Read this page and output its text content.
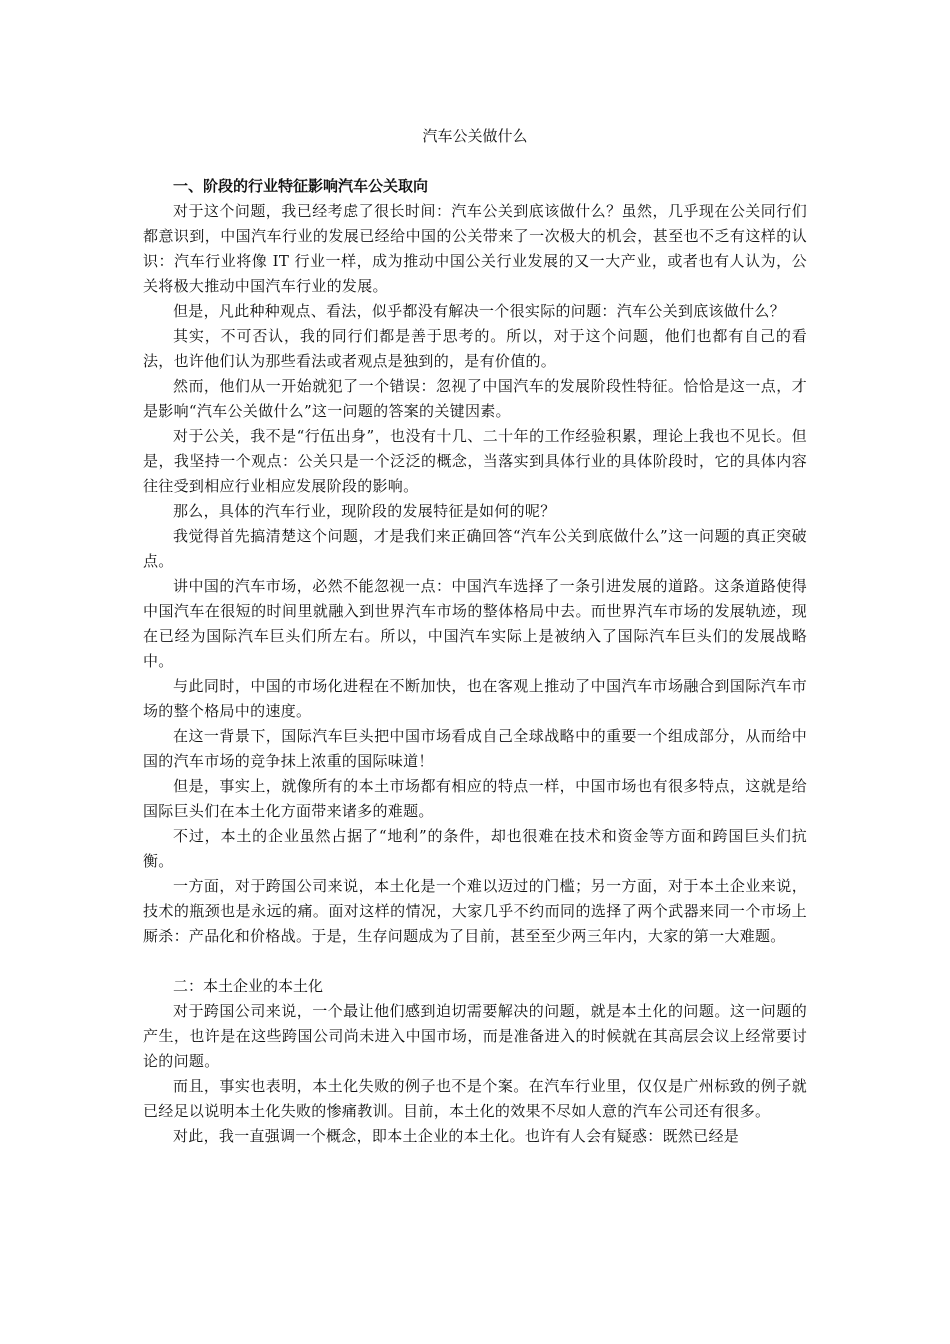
汽车公关做什么

一、阶段的行业特征影响汽车公关取向

对于这个问题，我已经考虑了很长时间：汽车公关到底该做什么？虽然，几乎现在公关同行们都意识到，中国汽车行业的发展已经给中国的公关带来了一次极大的机会，甚至也不乏有这样的认识：汽车行业将像 IT 行业一样，成为推动中国公关行业发展的又一大产业，或者也有人认为，公关将极大推动中国汽车行业的发展。

但是，凡此种种观点、看法，似乎都没有解决一个很实际的问题：汽车公关到底该做什么？

其实，不可否认，我的同行们都是善于思考的。所以，对于这个问题，他们也都有自己的看法，也许他们认为那些看法或者观点是独到的，是有价值的。

然而，他们从一开始就犯了一个错误：忽视了中国汽车的发展阶段性特征。恰恰是这一点，才是影响“汽车公关做什么”这一问题的答案的关键因素。

对于公关，我不是“行伍出身”，也没有十几、二十年的工作经验积累，理论上我也不见长。但是，我坚持一个观点：公关只是一个泛泛的概念，当落实到具体行业的具体阶段时，它的具体内容往往受到相应行业相应发展阶段的影响。

那么，具体的汽车行业，现阶段的发展特征是如何的呢？

我觉得首先搞清楚这个问题，才是我们来正确回答“汽车公关到底做什么”这一问题的真正突破点。

讲中国的汽车市场，必然不能忽视一点：中国汽车选择了一条引进发展的道路。这条道路使得中国汽车在很短的时间里就融入到世界汽车市场的整体格局中去。而世界汽车市场的发展轨迹，现在已经为国际汽车巨头们所左右。所以，中国汽车实际上是被纳入了国际汽车巨头们的发展战略中。

与此同时，中国的市场化进程在不断加快，也在客观上推动了中国汽车市场融合到国际汽车市场的整个格局中的速度。

在这一背景下，国际汽车巨头把中国市场看成自己全球战略中的重要一个组成部分，从而给中国的汽车市场的竞争抹上浓重的国际味道！

但是，事实上，就像所有的本土市场都有相应的特点一样，中国市场也有很多特点，这就是给国际巨头们在本土化方面带来诸多的难题。

不过，本土的企业虽然占据了“地利”的条件，却也很难在技术和资金等方面和跨国巨头们抗衡。

一方面，对于跨国公司来说，本土化是一个难以迈过的门槛；另一方面，对于本土企业来说，技术的瓶颈也是永远的痛。面对这样的情况，大家几乎不约而同的选择了两个武器来同一个市场上厮杀：产品化和价格战。于是，生存问题成为了目前，甚至至少两三年内，大家的第一大难题。

二：本土企业的本土化

对于跨国公司来说，一个最让他们感到迫切需要解决的问题，就是本土化的问题。这一问题的产生，也许是在这些跨国公司尚未进入中国市场，而是准备进入的时候就在其高层会议上经常要讨论的问题。

而且，事实也表明，本土化失败的例子也不是个案。在汽车行业里，仅仅是广州标致的例子就已经足以说明本土化失败的惨痛教训。目前，本土化的效果不尽如人意的汽车公司还有很多。

对此，我一直强调一个概念，即本土企业的本土化。也许有人会有疑惑：既然已经是
